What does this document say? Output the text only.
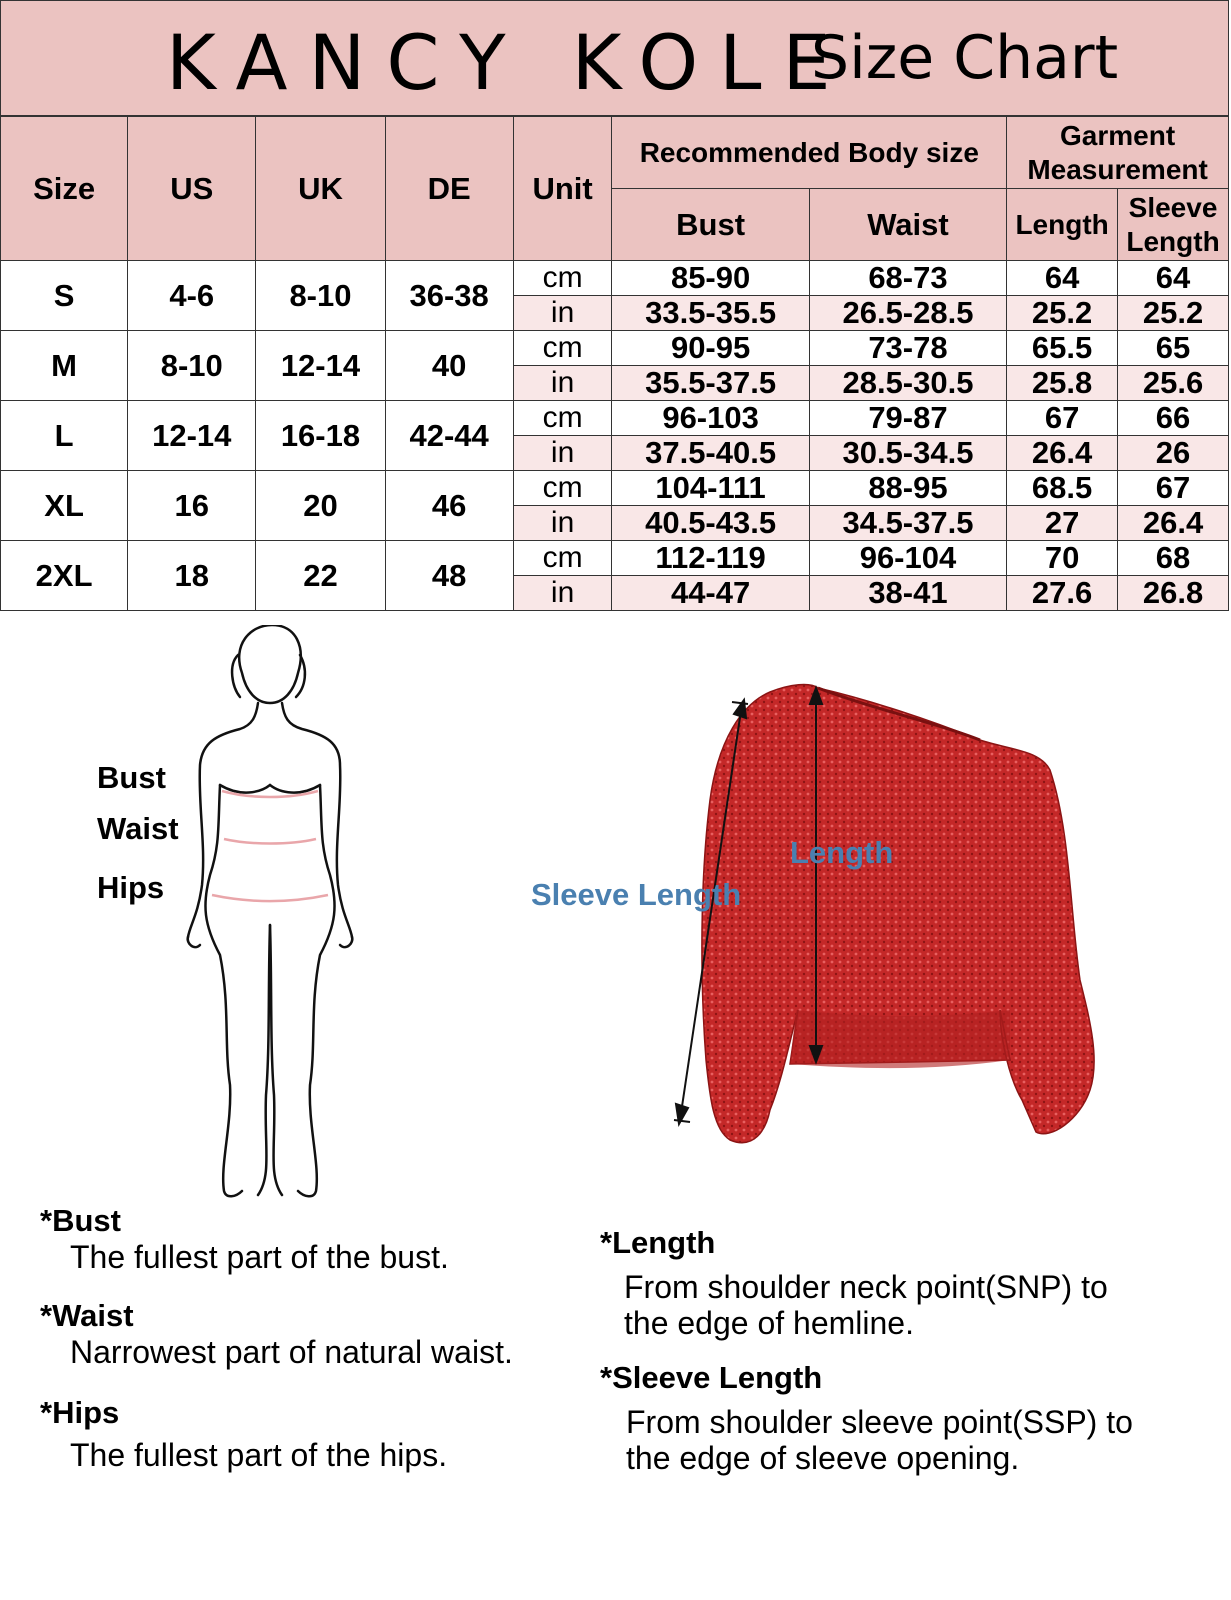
KANCY KOLE
Size Chart
Size	US	UK	DE	Unit	Recommended Body size		Garment Measurement	
					Bust	Waist	Length	Sleeve Length
S	4-6	8-10	36-38	cm	85-90	68-73	64	64
				in	33.5-35.5	26.5-28.5	25.2	25.2
M	8-10	12-14	40	cm	90-95	73-78	65.5	65
				in	35.5-37.5	28.5-30.5	25.8	25.6
L	12-14	16-18	42-44	cm	96-103	79-87	67	66
				in	37.5-40.5	30.5-34.5	26.4	26
XL	16	20	46	cm	104-111	88-95	68.5	67
				in	40.5-43.5	34.5-37.5	27	26.4
2XL	18	22	48	cm	112-119	96-104	70	68
				in	44-47	38-41	27.6	26.8
Bust
Waist
Hips
Length
Sleeve Length
*Bust
The fullest part of the bust.
*Waist
Narrowest part of natural waist.
*Hips
The fullest part of the hips.
*Length
From shoulder neck point(SNP) to
the edge of hemline.
*Sleeve Length
From shoulder sleeve point(SSP) to
the edge of sleeve opening.
